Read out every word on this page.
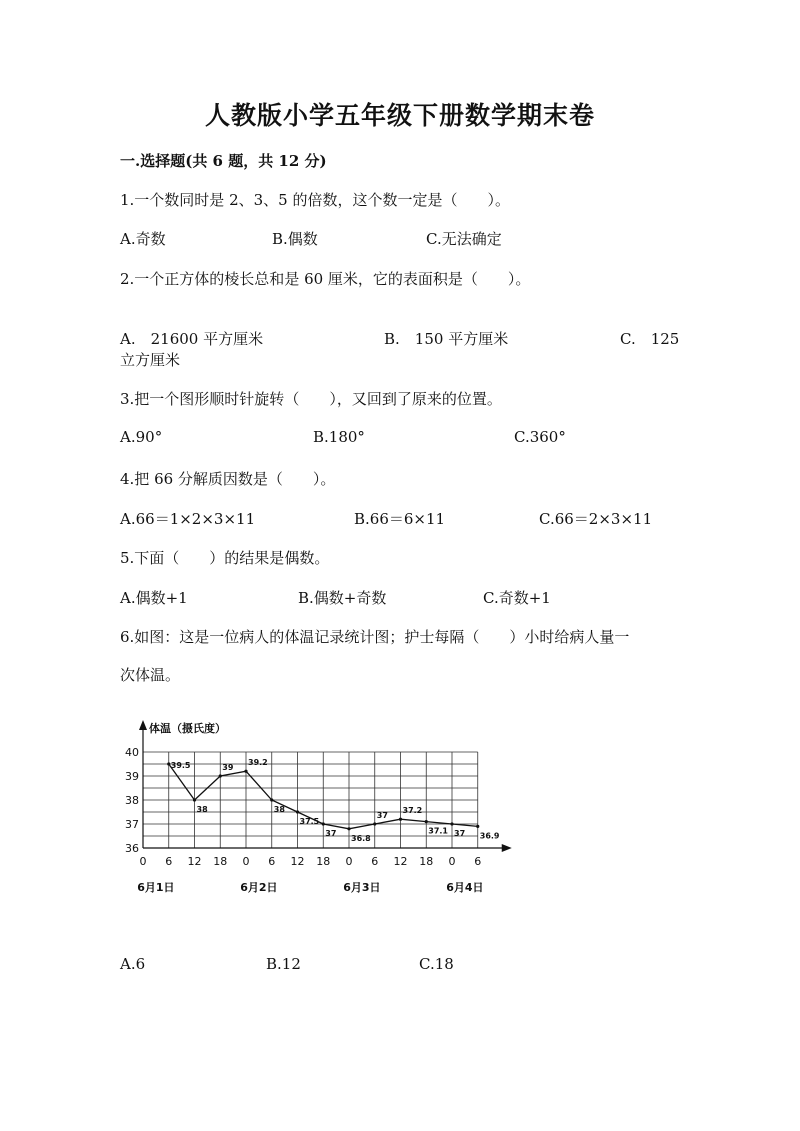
人教版小学五年级下册数学期末卷
一.选择题(共 6 题，共 12 分)
1.一个数同时是 2、3、5 的倍数，这个数一定是（　　）。
A.奇数	B.偶数	C.无法确定
2.一个正方体的棱长总和是 60 厘米，它的表面积是（　　）。
A.　21600 平方厘米	B.　150 平方厘米	C.　125
立方厘米
3.把一个图形顺时针旋转（　　），又回到了原来的位置。
A.90°	B.180°	C.360°
4.把 66 分解质因数是（　　）。
A.66＝1×2×3×11	B.66＝6×11	C.66＝2×3×11
5.下面（　　）的结果是偶数。
A.偶数+1	B.偶数+奇数	C.奇数+1
6.如图：这是一位病人的体温记录统计图；护士每隔（　　）小时给病人量一
次体温。
体温（摄氏度）
40
39
38
37
36
0 6 12 18 0 6 12 18 0 6 12 18 0 6
6月1日	6月2日	6月3日	6月4日
39.5
38
39
39.2
38
37.5
37
36.8
37
37.2
37.1 37 36.9
A.6	B.12	C.18
